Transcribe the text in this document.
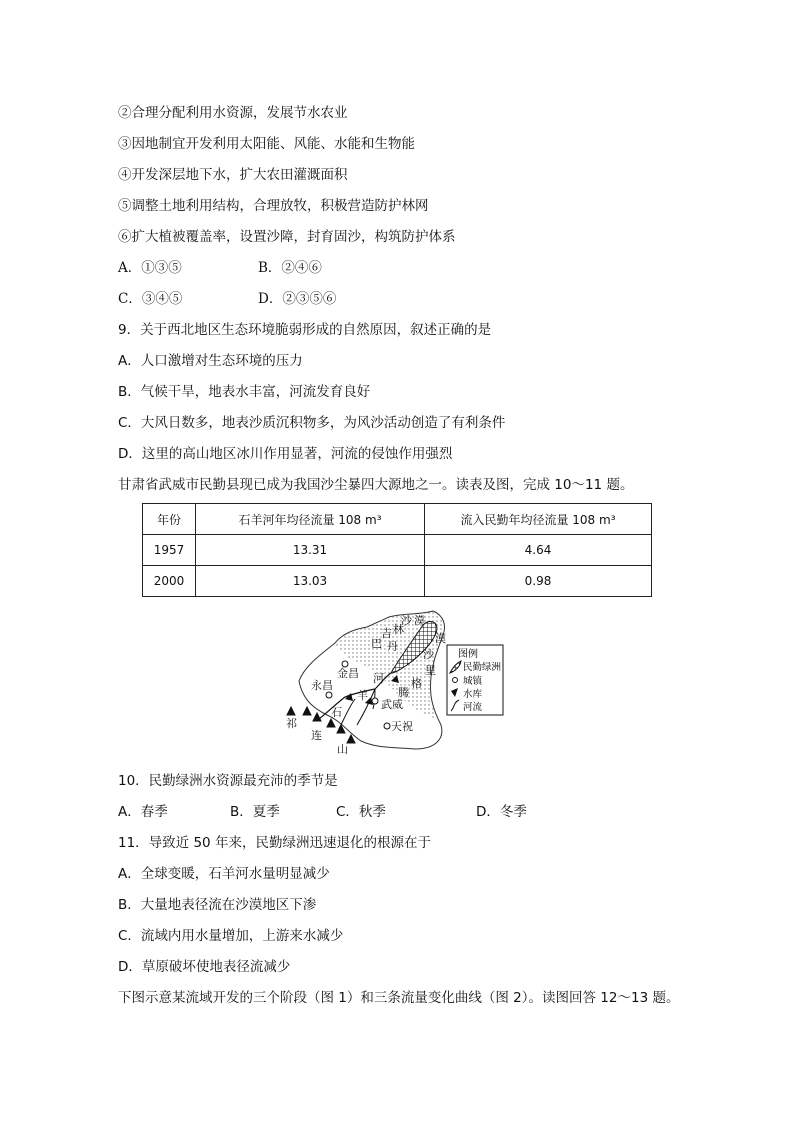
②合理分配利用水资源，发展节水农业
③因地制宜开发利用太阳能、风能、水能和生物能
④开发深层地下水，扩大农田灌溉面积
⑤调整土地利用结构，合理放牧，积极营造防护林网
⑥扩大植被覆盖率，设置沙障，封育固沙，构筑防护体系
A．①③⑤	B．②④⑥
C．③④⑤	D．②③⑤⑥
9．关于西北地区生态环境脆弱形成的自然原因，叙述正确的是
A．人口激增对生态环境的压力
B．气候干旱，地表水丰富，河流发育良好
C．大风日数多，地表沙质沉积物多，为风沙活动创造了有利条件
D．这里的高山地区冰川作用显著，河流的侵蚀作用强烈
甘肃省武威市民勤县现已成为我国沙尘暴四大源地之一。读表及图，完成 10～11 题。
年份	石羊河年均径流量 108 m³	流入民勤年均径流量 108 m³
1957	13.31	4.64
2000	13.03	0.98
沙 漠
巴 丹
吉 林
漠
沙
里
格
腾
金昌
永昌
武威
天祝
石
羊
河
祁
连
山
图例
民勤绿洲
城镇
水库
河流
10．民勤绿洲水资源最充沛的季节是
A．春季	B．夏季	C．秋季	D．冬季
11．导致近 50 年来，民勤绿洲迅速退化的根源在于
A．全球变暖，石羊河水量明显减少
B．大量地表径流在沙漠地区下渗
C．流域内用水量增加，上游来水减少
D．草原破坏使地表径流减少
下图示意某流域开发的三个阶段（图 1）和三条流量变化曲线（图 2）。读图回答 12～13 题。
